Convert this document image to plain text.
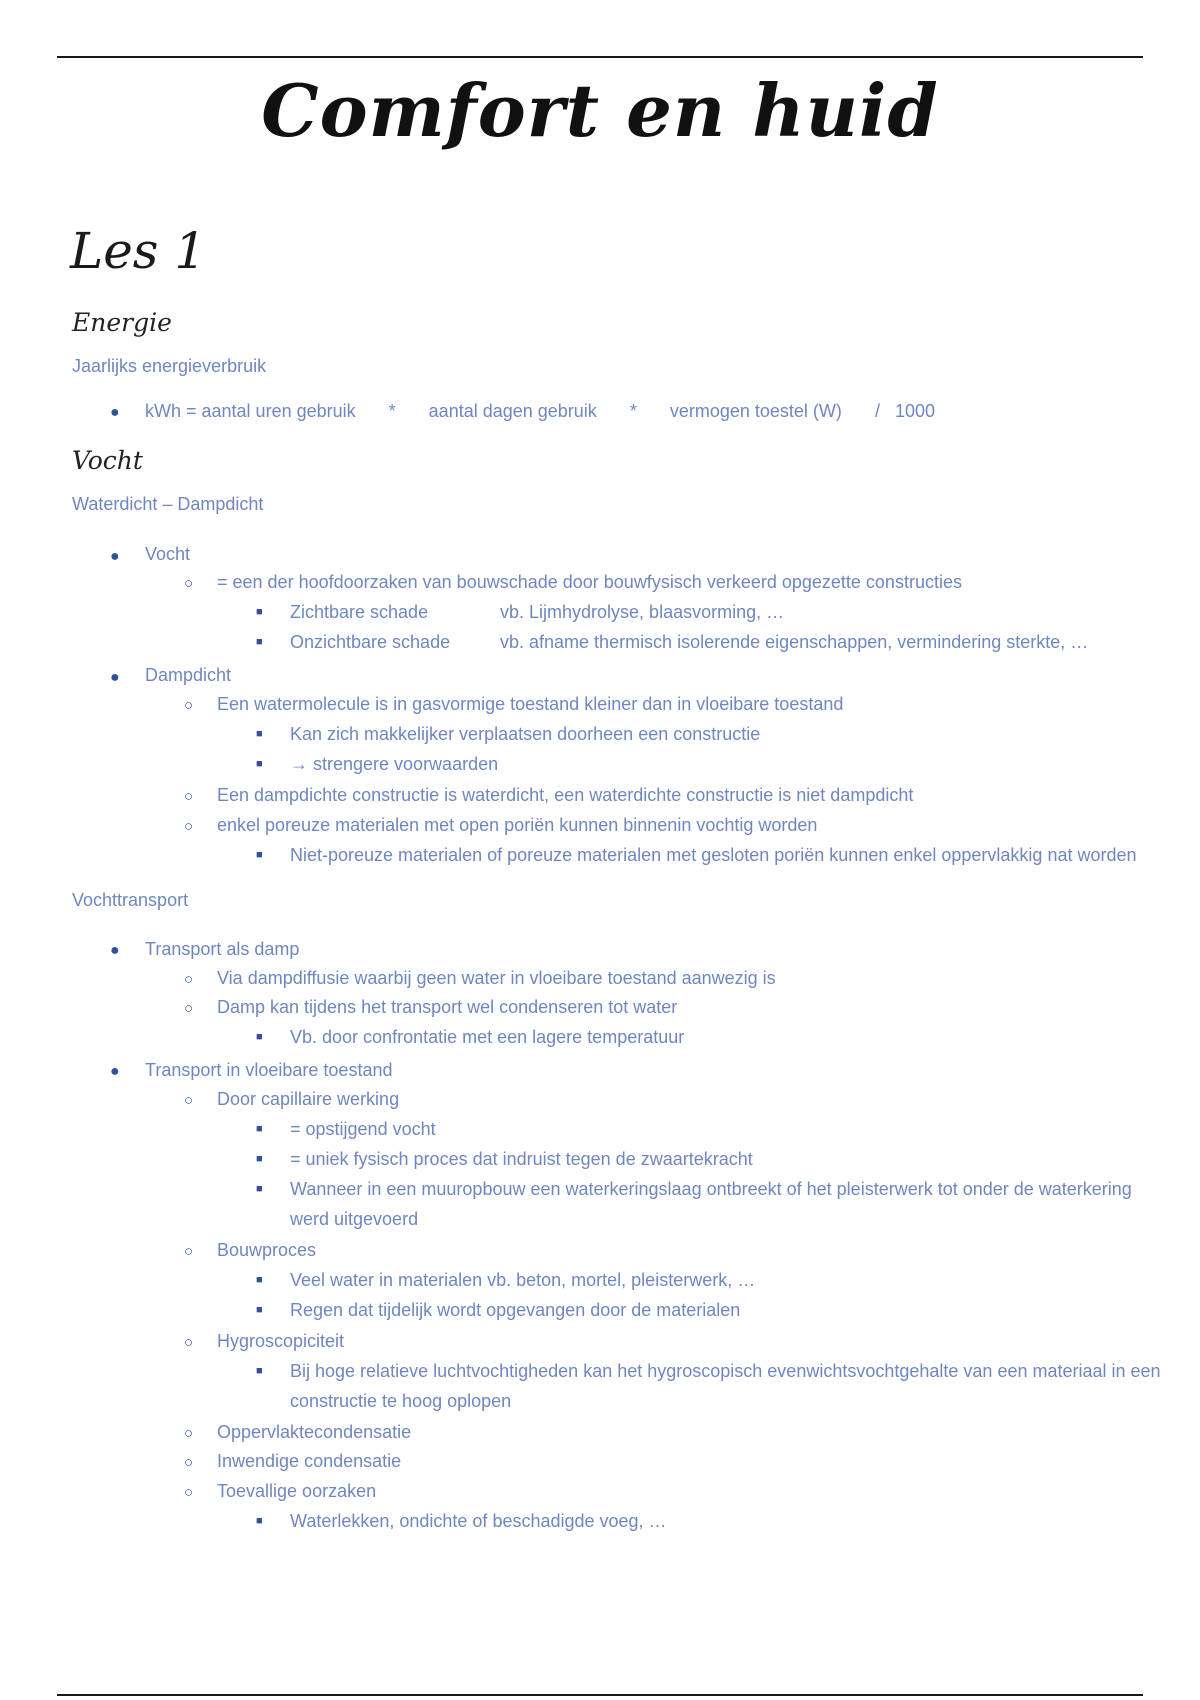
Comfort en huid
Les 1
Energie
Jaarlijks energieverbruik
● kWh = aantal uren gebruik * aantal dagen gebruik * vermogen toestel (W) / 1000
Vocht
Waterdicht – Dampdicht
● Vocht
○ = een der hoofdoorzaken van bouwschade door bouwfysisch verkeerd opgezette constructies
■ Zichtbare schade	vb. Lijmhydrolyse, blaasvorming, …
■ Onzichtbare schade	vb. afname thermisch isolerende eigenschappen, vermindering sterkte, …
● Dampdicht
○ Een watermolecule is in gasvormige toestand kleiner dan in vloeibare toestand
■ Kan zich makkelijker verplaatsen doorheen een constructie
■ → strengere voorwaarden
○ Een dampdichte constructie is waterdicht, een waterdichte constructie is niet dampdicht
○ enkel poreuze materialen met open poriën kunnen binnenin vochtig worden
■ Niet-poreuze materialen of poreuze materialen met gesloten poriën kunnen enkel oppervlakkig nat worden
Vochttransport
● Transport als damp
○ Via dampdiffusie waarbij geen water in vloeibare toestand aanwezig is
○ Damp kan tijdens het transport wel condenseren tot water
■ Vb. door confrontatie met een lagere temperatuur
● Transport in vloeibare toestand
○ Door capillaire werking
■ = opstijgend vocht
■ = uniek fysisch proces dat indruist tegen de zwaartekracht
■ Wanneer in een muuropbouw een waterkeringslaag ontbreekt of het pleisterwerk tot onder de waterkering
werd uitgevoerd
○ Bouwproces
■ Veel water in materialen vb. beton, mortel, pleisterwerk, …
■ Regen dat tijdelijk wordt opgevangen door de materialen
○ Hygroscopiciteit
■ Bij hoge relatieve luchtvochtigheden kan het hygroscopisch evenwichtsvochtgehalte van een materiaal in een
constructie te hoog oplopen
○ Oppervlaktecondensatie
○ Inwendige condensatie
○ Toevallige oorzaken
■ Waterlekken, ondichte of beschadigde voeg, …
